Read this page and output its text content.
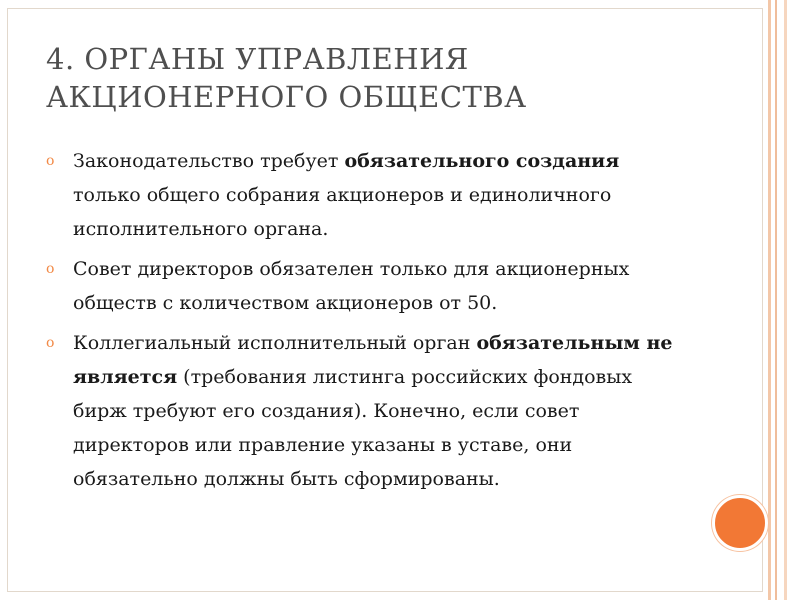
4. ОРГАНЫ УПРАВЛЕНИЯ
АКЦИОНЕРНОГО ОБЩЕСТВА
o Законодательство требует обязательного создания только общего собрания акционеров и единоличного исполнительного органа.
o Совет директоров обязателен только для акционерных обществ с количеством акционеров от 50.
o Коллегиальный исполнительный орган обязательным не является (требования листинга российских фондовых бирж требуют его создания). Конечно, если совет директоров или правление указаны в уставе, они обязательно должны быть сформированы.
